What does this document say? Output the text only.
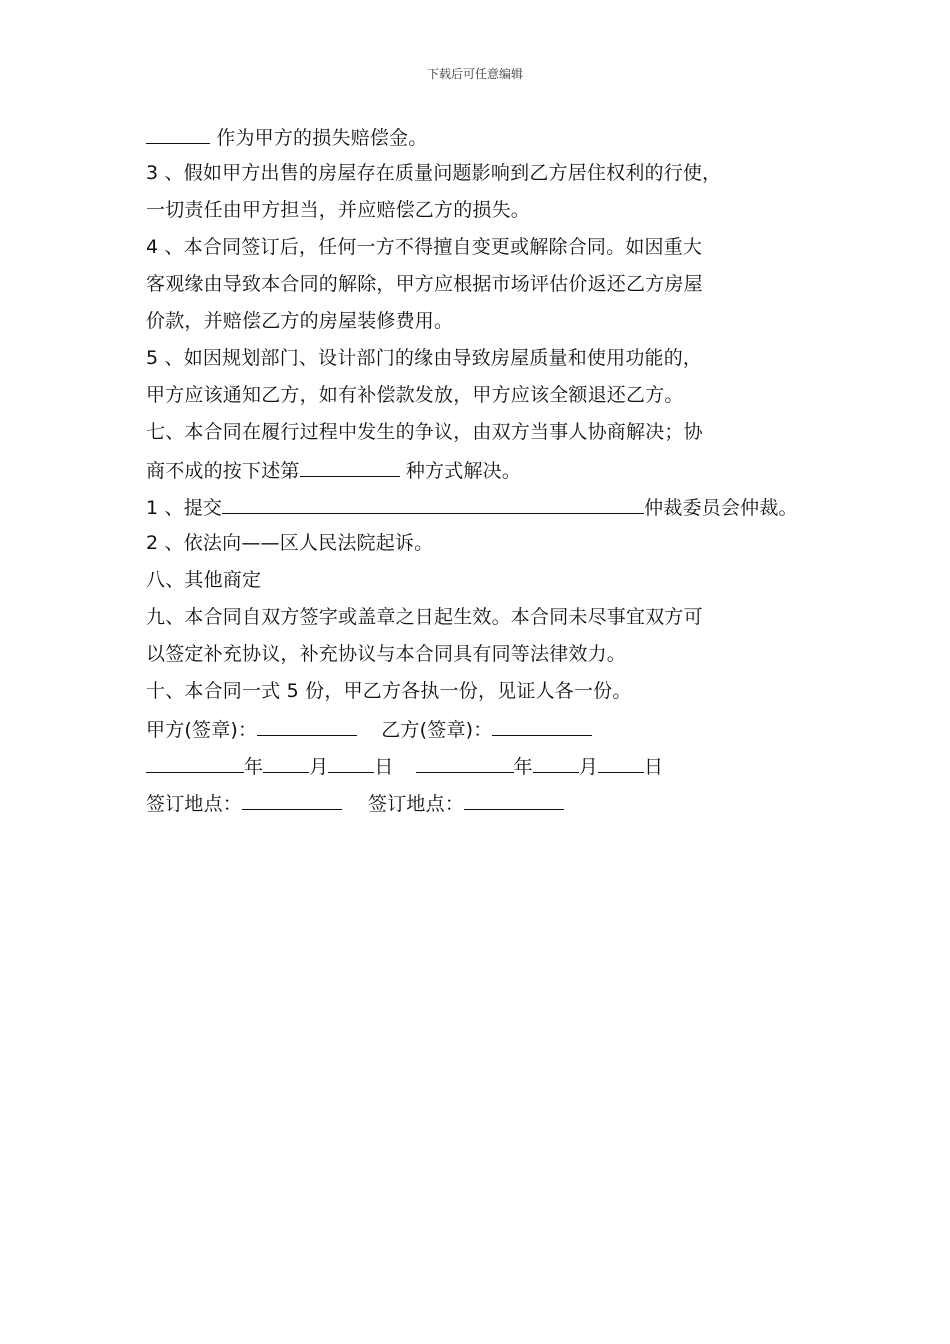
下载后可任意编辑
作为甲方的损失赔偿金。
3 、假如甲方出售的房屋存在质量问题影响到乙方居住权利的行使，
一切责任由甲方担当，并应赔偿乙方的损失。
4 、本合同签订后，任何一方不得擅自变更或解除合同。如因重大
客观缘由导致本合同的解除，甲方应根据市场评估价返还乙方房屋
价款，并赔偿乙方的房屋装修费用。
5 、如因规划部门、设计部门的缘由导致房屋质量和使用功能的，
甲方应该通知乙方，如有补偿款发放，甲方应该全额退还乙方。
七、本合同在履行过程中发生的争议，由双方当事人协商解决；协
商不成的按下述第	种方式解决。
1 、提交	仲裁委员会仲裁。
2 、依法向——区人民法院起诉。
八、其他商定
九、本合同自双方签字或盖章之日起生效。本合同未尽事宜双方可
以签定补充协议，补充协议与本合同具有同等法律效力。
十、本合同一式 5 份，甲乙方各执一份，见证人各一份。
甲方(签章)：	乙方(签章)：
年 月 日	年 月 日
签订地点：	签订地点：
